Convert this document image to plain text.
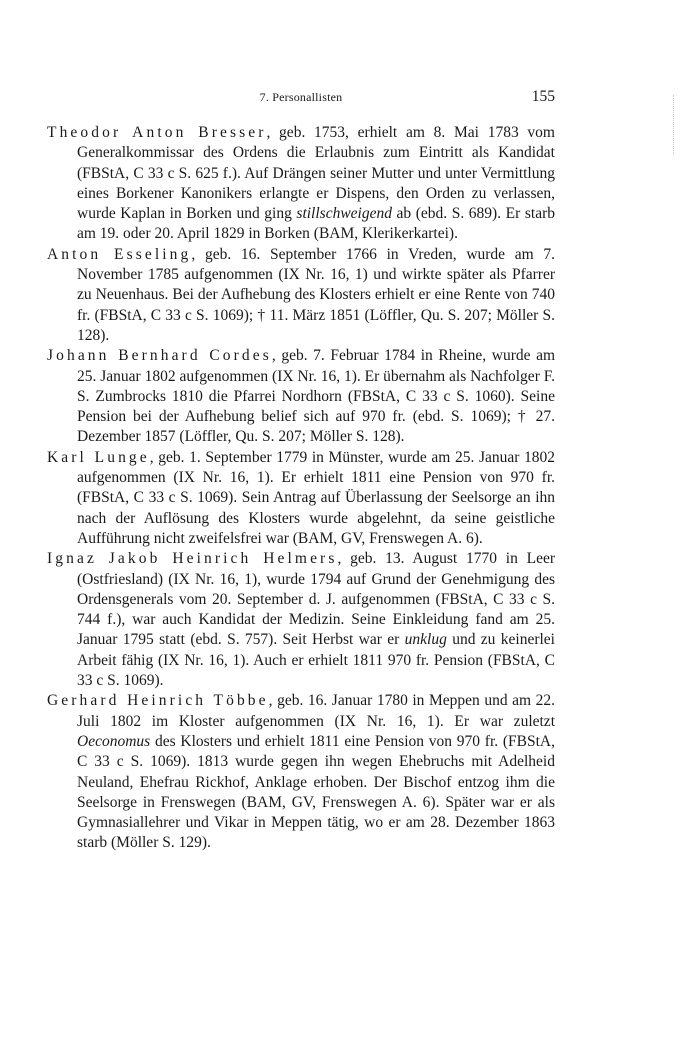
7. Personallisten	155

Theodor Anton Bresser, geb. 1753, erhielt am 8. Mai 1783 vom Generalkommissar des Ordens die Erlaubnis zum Eintritt als Kandidat (FBStA, C 33 c S. 625 f.). Auf Drängen seiner Mutter und unter Vermittlung eines Borkener Kanonikers erlangte er Dispens, den Orden zu verlassen, wurde Kaplan in Borken und ging stillschweigend ab (ebd. S. 689). Er starb am 19. oder 20. April 1829 in Borken (BAM, Klerikerkartei).

Anton Esseling, geb. 16. September 1766 in Vreden, wurde am 7. November 1785 aufgenommen (IX Nr. 16, 1) und wirkte später als Pfarrer zu Neuenhaus. Bei der Aufhebung des Klosters erhielt er eine Rente von 740 fr. (FBStA, C 33 c S. 1069); † 11. März 1851 (Löffler, Qu. S. 207; Möller S. 128).

Johann Bernhard Cordes, geb. 7. Februar 1784 in Rheine, wurde am 25. Januar 1802 aufgenommen (IX Nr. 16, 1). Er übernahm als Nachfolger F. S. Zumbrocks 1810 die Pfarrei Nordhorn (FBStA, C 33 c S. 1060). Seine Pension bei der Aufhebung belief sich auf 970 fr. (ebd. S. 1069); † 27. Dezember 1857 (Löffler, Qu. S. 207; Möller S. 128).

Karl Lunge, geb. 1. September 1779 in Münster, wurde am 25. Januar 1802 aufgenommen (IX Nr. 16, 1). Er erhielt 1811 eine Pension von 970 fr. (FBStA, C 33 c S. 1069). Sein Antrag auf Überlassung der Seelsorge an ihn nach der Auflösung des Klosters wurde abgelehnt, da seine geistliche Aufführung nicht zweifelsfrei war (BAM, GV, Frenswegen A. 6).

Ignaz Jakob Heinrich Helmers, geb. 13. August 1770 in Leer (Ostfriesland) (IX Nr. 16, 1), wurde 1794 auf Grund der Genehmigung des Ordensgenerals vom 20. September d. J. aufgenommen (FBStA, C 33 c S. 744 f.), war auch Kandidat der Medizin. Seine Einkleidung fand am 25. Januar 1795 statt (ebd. S. 757). Seit Herbst war er unklug und zu keinerlei Arbeit fähig (IX Nr. 16, 1). Auch er erhielt 1811 970 fr. Pension (FBStA, C 33 c S. 1069).

Gerhard Heinrich Többe, geb. 16. Januar 1780 in Meppen und am 22. Juli 1802 im Kloster aufgenommen (IX Nr. 16, 1). Er war zuletzt Oeconomus des Klosters und erhielt 1811 eine Pension von 970 fr. (FBStA, C 33 c S. 1069). 1813 wurde gegen ihn wegen Ehebruchs mit Adelheid Neuland, Ehefrau Rickhof, Anklage erhoben. Der Bischof entzog ihm die Seelsorge in Frenswegen (BAM, GV, Frenswegen A. 6). Später war er als Gymnasiallehrer und Vikar in Meppen tätig, wo er am 28. Dezember 1863 starb (Möller S. 129).
